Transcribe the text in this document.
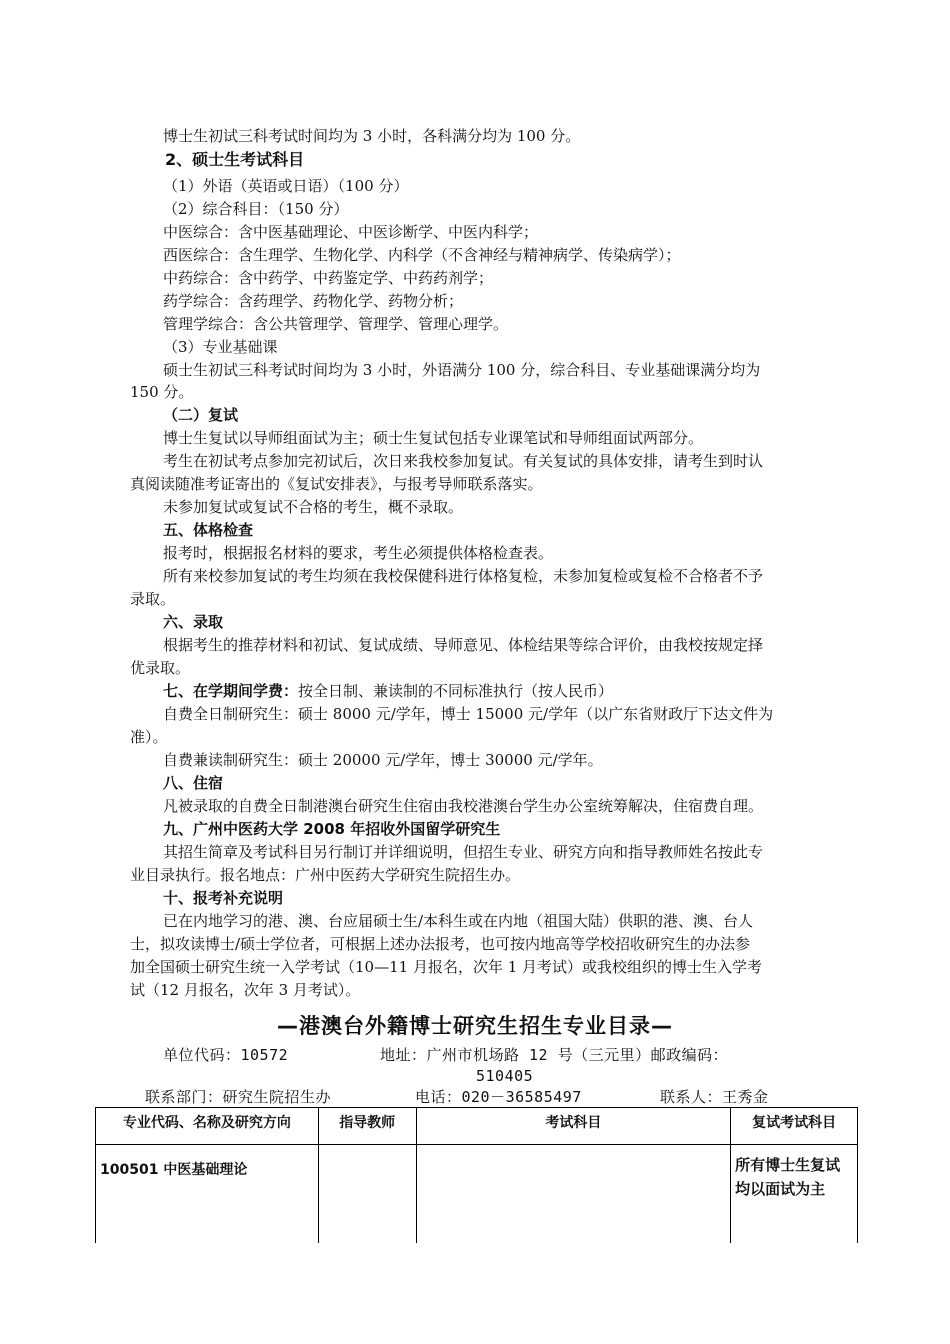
博士生初试三科考试时间均为 3 小时，各科满分均为 100 分。
2、硕士生考试科目
（1）外语（英语或日语）（100 分）
（2）综合科目：（150 分）
中医综合：含中医基础理论、中医诊断学、中医内科学；
西医综合：含生理学、生物化学、内科学（不含神经与精神病学、传染病学）；
中药综合：含中药学、中药鉴定学、中药药剂学；
药学综合：含药理学、药物化学、药物分析；
管理学综合：含公共管理学、管理学、管理心理学。
（3）专业基础课
硕士生初试三科考试时间均为 3 小时，外语满分 100 分，综合科目、专业基础课满分均为
150 分。
（二）复试
博士生复试以导师组面试为主；硕士生复试包括专业课笔试和导师组面试两部分。
考生在初试考点参加完初试后，次日来我校参加复试。有关复试的具体安排，请考生到时认
真阅读随准考证寄出的《复试安排表》，与报考导师联系落实。
未参加复试或复试不合格的考生，概不录取。
五、体格检查
报考时，根据报名材料的要求，考生必须提供体格检查表。
所有来校参加复试的考生均须在我校保健科进行体格复检，未参加复检或复检不合格者不予
录取。
六、录取
根据考生的推荐材料和初试、复试成绩、导师意见、体检结果等综合评价，由我校按规定择
优录取。
七、在学期间学费：按全日制、兼读制的不同标准执行（按人民币）
自费全日制研究生：硕士 8000 元/学年，博士 15000 元/学年（以广东省财政厅下达文件为
准）。
自费兼读制研究生：硕士 20000 元/学年，博士 30000 元/学年。
八、住宿
凡被录取的自费全日制港澳台研究生住宿由我校港澳台学生办公室统筹解决，住宿费自理。
九、广州中医药大学 2008 年招收外国留学研究生
其招生简章及考试科目另行制订并详细说明，但招生专业、研究方向和指导教师姓名按此专
业目录执行。报名地点：广州中医药大学研究生院招生办。
十、报考补充说明
已在内地学习的港、澳、台应届硕士生/本科生或在内地（祖国大陆）供职的港、澳、台人
士，拟攻读博士/硕士学位者，可根据上述办法报考，也可按内地高等学校招收研究生的办法参
加全国硕士研究生统一入学考试（10—11 月报名，次年 1 月考试）或我校组织的博士生入学考
试（12 月报名，次年 3 月考试）。
—港澳台外籍博士研究生招生专业目录—
单位代码：10572	地址：广州市机场路 12 号（三元里）邮政编码：
510405
联系部门：研究生院招生办	电话：020－36585497	联系人：王秀金
专业代码、名称及研究方向	指导教师	考试科目	复试考试科目
100501 中医基础理论			所有博士生复试均以面试为主
